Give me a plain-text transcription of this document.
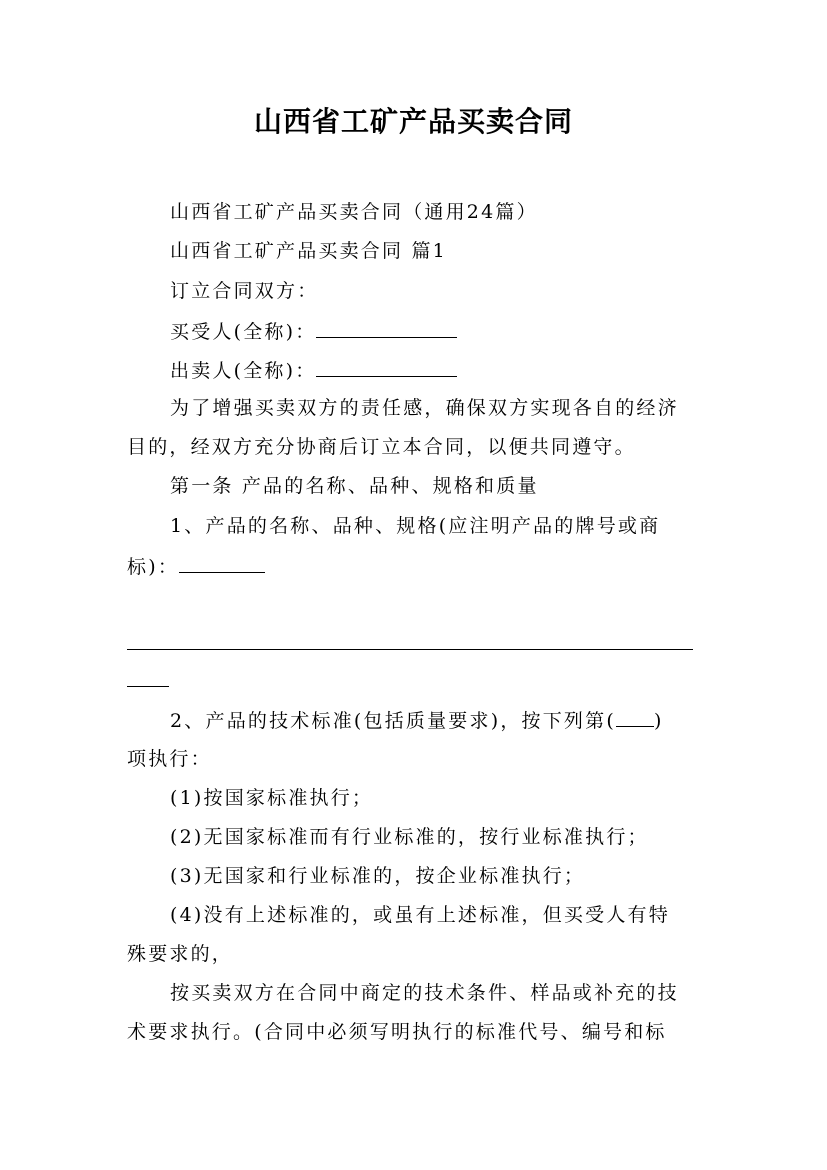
山西省工矿产品买卖合同
山西省工矿产品买卖合同（通用24篇）
山西省工矿产品买卖合同 篇1
订立合同双方：
买受人(全称)：
出卖人(全称)：
为了增强买卖双方的责任感，确保双方实现各自的经济
目的，经双方充分协商后订立本合同，以便共同遵守。
第一条 产品的名称、品种、规格和质量
1、产品的名称、品种、规格(应注明产品的牌号或商
标)：
2、产品的技术标准(包括质量要求)，按下列第( )
项执行：
(1)按国家标准执行；
(2)无国家标准而有行业标准的，按行业标准执行；
(3)无国家和行业标准的，按企业标准执行；
(4)没有上述标准的，或虽有上述标准，但买受人有特
殊要求的，
按买卖双方在合同中商定的技术条件、样品或补充的技
术要求执行。(合同中必须写明执行的标准代号、编号和标
